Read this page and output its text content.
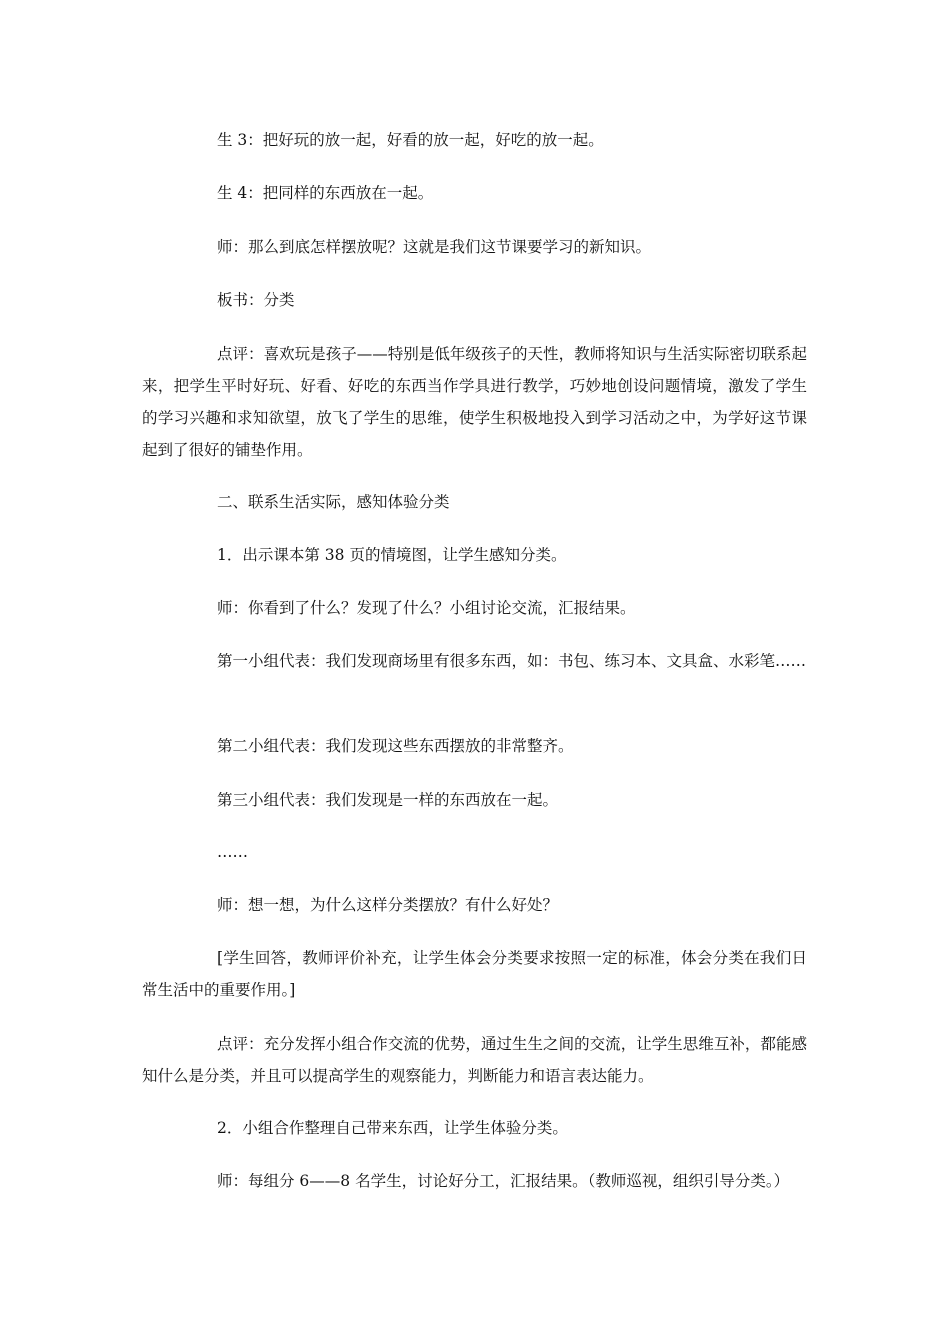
生 3：把好玩的放一起，好看的放一起，好吃的放一起。

生 4：把同样的东西放在一起。

师：那么到底怎样摆放呢？这就是我们这节课要学习的新知识。

板书：分类

点评：喜欢玩是孩子——特别是低年级孩子的天性，教师将知识与生活实际密切联系起来，把学生平时好玩、好看、好吃的东西当作学具进行教学，巧妙地创设问题情境，激发了学生的学习兴趣和求知欲望，放飞了学生的思维，使学生积极地投入到学习活动之中，为学好这节课起到了很好的铺垫作用。

二、联系生活实际，感知体验分类

1．出示课本第 38 页的情境图，让学生感知分类。

师：你看到了什么？发现了什么？小组讨论交流，汇报结果。

第一小组代表：我们发现商场里有很多东西，如：书包、练习本、文具盒、水彩笔……

第二小组代表：我们发现这些东西摆放的非常整齐。

第三小组代表：我们发现是一样的东西放在一起。

……

师：想一想，为什么这样分类摆放？有什么好处？

[学生回答，教师评价补充，让学生体会分类要求按照一定的标准，体会分类在我们日常生活中的重要作用。]

点评：充分发挥小组合作交流的优势，通过生生之间的交流，让学生思维互补，都能感知什么是分类，并且可以提高学生的观察能力，判断能力和语言表达能力。

2．小组合作整理自己带来东西，让学生体验分类。

师：每组分 6——8 名学生，讨论好分工，汇报结果。（教师巡视，组织引导分类。）
